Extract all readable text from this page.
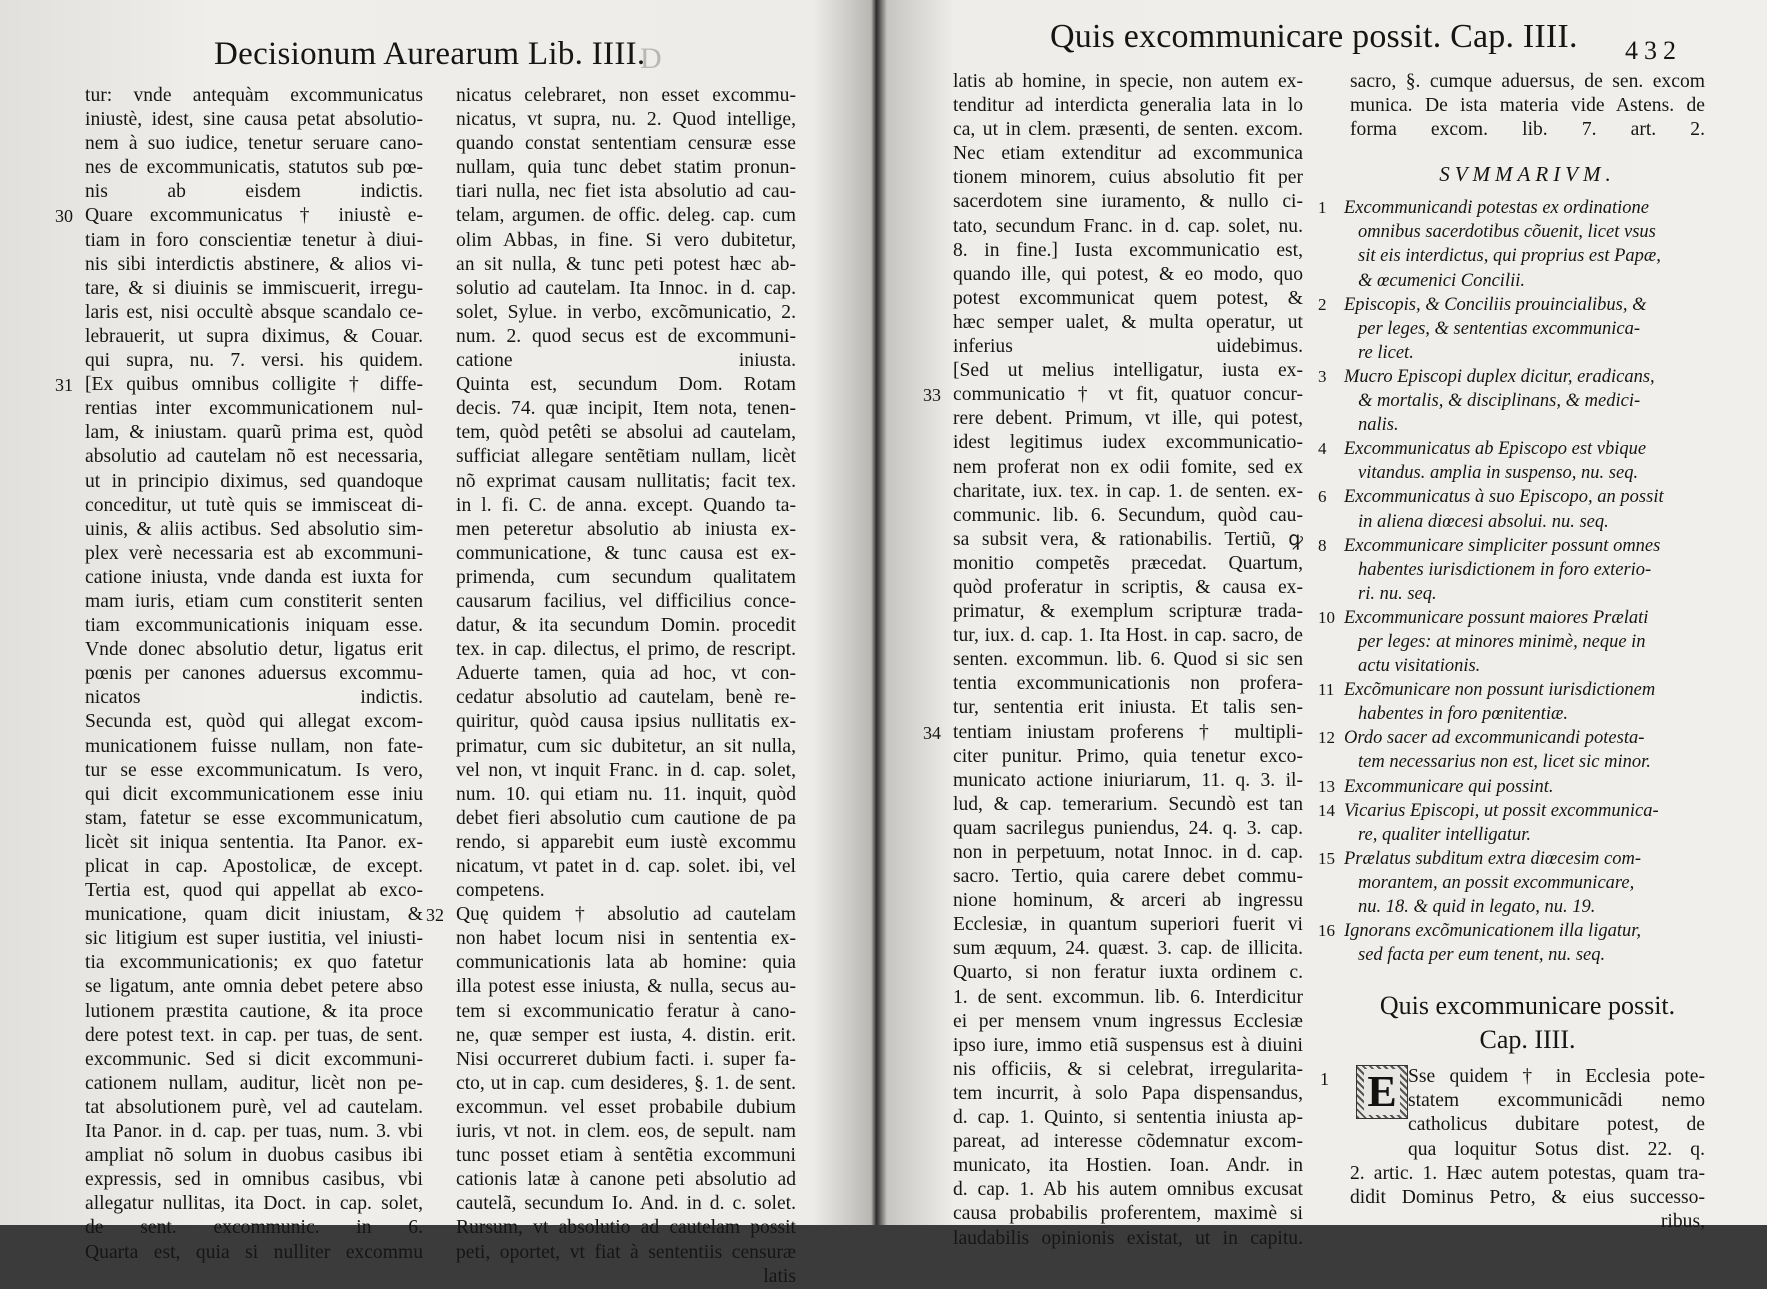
D
Decisionum Aurearum Lib. IIII.
tur: vnde antequàm excommunicatus
iniustè, idest, sine causa petat absolutio-
nem à suo iudice, tenetur seruare cano-
nes de excommunicatis, statutos sub pœ-
nis ab eisdem indictis.
Quare excommunicatus † iniustè e-
30
tiam in foro conscientiæ tenetur à diui-
nis sibi interdictis abstinere, & alios vi-
tare, & si diuinis se immiscuerit, irregu-
laris est, nisi occultè absque scandalo ce-
lebrauerit, ut supra diximus, & Couar.
qui supra, nu. 7. versi. his quidem.
[Ex quibus omnibus colligite † diffe-
31
rentias inter excommunicationem nul-
lam, & iniustam. quarũ prima est, quòd
absolutio ad cautelam nõ est necessaria,
ut in principio diximus, sed quandoque
conceditur, ut tutè quis se immisceat di-
uinis, & aliis actibus. Sed absolutio sim-
plex verè necessaria est ab excommuni-
catione iniusta, vnde danda est iuxta for
mam iuris, etiam cum constiterit senten
tiam excommunicationis iniquam esse.
Vnde donec absolutio detur, ligatus erit
pœnis per canones aduersus excommu-
nicatos indictis.
Secunda est, quòd qui allegat excom-
municationem fuisse nullam, non fate-
tur se esse excommunicatum. Is vero,
qui dicit excommunicationem esse iniu
stam, fatetur se esse excommunicatum,
licèt sit iniqua sententia. Ita Panor. ex-
plicat in cap. Apostolicæ, de except.
Tertia est, quod qui appellat ab exco-
municatione, quam dicit iniustam, &
sic litigium est super iustitia, vel iniusti-
tia excommunicationis; ex quo fatetur
se ligatum, ante omnia debet petere abso
lutionem præstita cautione, & ita proce
dere potest text. in cap. per tuas, de sent.
excommunic. Sed si dicit excommuni-
cationem nullam, auditur, licèt non pe-
tat absolutionem purè, vel ad cautelam.
Ita Panor. in d. cap. per tuas, num. 3. vbi
ampliat nõ solum in duobus casibus ibi
expressis, sed in omnibus casibus, vbi
allegatur nullitas, ita Doct. in cap. solet,
de sent. excommunic. in 6.
Quarta est, quia si nulliter excommu
nicatus celebraret, non esset excommu-
nicatus, vt supra, nu. 2. Quod intellige,
quando constat sententiam censuræ esse
nullam, quia tunc debet statim pronun-
tiari nulla, nec fiet ista absolutio ad cau-
telam, argumen. de offic. deleg. cap. cum
olim Abbas, in fine. Si vero dubitetur,
an sit nulla, & tunc peti potest hæc ab-
solutio ad cautelam. Ita Innoc. in d. cap.
solet, Sylue. in verbo, excõmunicatio, 2.
num. 2. quod secus est de excommuni-
catione iniusta.
Quinta est, secundum Dom. Rotam
decis. 74. quæ incipit, Item nota, tenen-
tem, quòd petêti se absolui ad cautelam,
sufficiat allegare sentẽtiam nullam, licèt
nõ exprimat causam nullitatis; facit tex.
in l. fi. C. de anna. except. Quando ta-
men peteretur absolutio ab iniusta ex-
communicatione, & tunc causa est ex-
primenda, cum secundum qualitatem
causarum facilius, vel difficilius conce-
datur, & ita secundum Domin. procedit
tex. in cap. dilectus, el primo, de rescript.
Aduerte tamen, quia ad hoc, vt con-
cedatur absolutio ad cautelam, benè re-
quiritur, quòd causa ipsius nullitatis ex-
primatur, cum sic dubitetur, an sit nulla,
vel non, vt inquit Franc. in d. cap. solet,
num. 10. qui etiam nu. 11. inquit, quòd
debet fieri absolutio cum cautione de pa
rendo, si apparebit eum iustè excommu
nicatum, vt patet in d. cap. solet. ibi, vel
competens.
Quę quidem † absolutio ad cautelam
32
non habet locum nisi in sententia ex-
communicationis lata ab homine: quia
illa potest esse iniusta, & nulla, secus au-
tem si excommunicatio feratur à cano-
ne, quæ semper est iusta, 4. distin. erit.
Nisi occurreret dubium facti. i. super fa-
cto, ut in cap. cum desideres, §. 1. de sent.
excommun. vel esset probabile dubium
iuris, vt not. in clem. eos, de sepult. nam
tunc posset etiam à sentẽtia excommuni
cationis latæ à canone peti absolutio ad
cautelã, secundum Io. And. in d. c. solet.
Rursum, vt absolutio ad cautelam possit
peti, oportet, vt fiat à sententiis censuræ
latis
Quis excommunicare possit. Cap. IIII. 432
latis ab homine, in specie, non autem ex-
tenditur ad interdicta generalia lata in lo
ca, ut in clem. præsenti, de senten. excom.
Nec etiam extenditur ad excommunica
tionem minorem, cuius absolutio fit per
sacerdotem sine iuramento, & nullo ci-
tato, secundum Franc. in d. cap. solet, nu.
8. in fine.] Iusta excommunicatio est,
quando ille, qui potest, & eo modo, quo
potest excommunicat quem potest, &
hæc semper ualet, & multa operatur, ut
inferius uidebimus.
[Sed ut melius intelligatur, iusta ex-
communicatio † vt fit, quatuor concur-
33
rere debent. Primum, vt ille, qui potest,
idest legitimus iudex excommunicatio-
nem proferat non ex odii fomite, sed ex
charitate, iux. tex. in cap. 1. de senten. ex-
communic. lib. 6. Secundum, quòd cau-
sa subsit vera, & rationabilis. Tertiũ, ꝙ
monitio competẽs præcedat. Quartum,
quòd proferatur in scriptis, & causa ex-
primatur, & exemplum scripturæ trada-
tur, iux. d. cap. 1. Ita Host. in cap. sacro, de
senten. excommun. lib. 6. Quod si sic sen
tentia excommunicationis non profera-
tur, sententia erit iniusta. Et talis sen-
tentiam iniustam proferens † multipli-
34
citer punitur. Primo, quia tenetur exco-
municato actione iniuriarum, 11. q. 3. il-
lud, & cap. temerarium. Secundò est tan
quam sacrilegus puniendus, 24. q. 3. cap.
non in perpetuum, notat Innoc. in d. cap.
sacro. Tertio, quia carere debet commu-
nione hominum, & arceri ab ingressu
Ecclesiæ, in quantum superiori fuerit vi
sum æquum, 24. quæst. 3. cap. de illicita.
Quarto, si non feratur iuxta ordinem c.
1. de sent. excommun. lib. 6. Interdicitur
ei per mensem vnum ingressus Ecclesiæ
ipso iure, immo etiã suspensus est à diuini
nis officiis, & si celebrat, irregularita-
tem incurrit, à solo Papa dispensandus,
d. cap. 1. Quinto, si sententia iniusta ap-
pareat, ad interesse cõdemnatur excom-
municato, ita Hostien. Ioan. Andr. in
d. cap. 1. Ab his autem omnibus excusat
causa probabilis proferentem, maximè si
laudabilis opinionis existat, ut in capitu.
sacro, §. cumque aduersus, de sen. excom
munica. De ista materia vide Astens. de
forma excom. lib. 7. art. 2.
SVMMARIVM.
1 Excommunicandi potestas ex ordinatione
omnibus sacerdotibus cõuenit, licet vsus
sit eis interdictus, qui proprius est Papæ,
& œcumenici Concilii.
2 Episcopis, & Conciliis prouincialibus, &
per leges, & sententias excommunica-
re licet.
3 Mucro Episcopi duplex dicitur, eradicans,
& mortalis, & disciplinans, & medici-
nalis.
4 Excommunicatus ab Episcopo est vbique
vitandus. amplia in suspenso, nu. seq.
6 Excommunicatus à suo Episcopo, an possit
in aliena diœcesi absolui. nu. seq.
8 Excommunicare simpliciter possunt omnes
habentes iurisdictionem in foro exterio-
ri. nu. seq.
10 Excommunicare possunt maiores Prælati
per leges: at minores minimè, neque in
actu visitationis.
11 Excõmunicare non possunt iurisdictionem
habentes in foro pœnitentiæ.
12 Ordo sacer ad excommunicandi potesta-
tem necessarius non est, licet sic minor.
13 Excommunicare qui possint.
14 Vicarius Episcopi, ut possit excommunica-
re, qualiter intelligatur.
15 Prælatus subditum extra diœcesim com-
morantem, an possit excommunicare,
nu. 18. & quid in legato, nu. 19.
16 Ignorans excõmunicationem illa ligatur,
sed facta per eum tenent, nu. seq.
Quis excommunicare possit.
Cap. IIII.
1 E Sse quidem † in Ecclesia pote-
statem excommunicãdi nemo
catholicus dubitare potest, de
qua loquitur Sotus dist. 22. q.
2. artic. 1. Hæc autem potestas, quam tra-
didit Dominus Petro, & eius successo-
ribus,
